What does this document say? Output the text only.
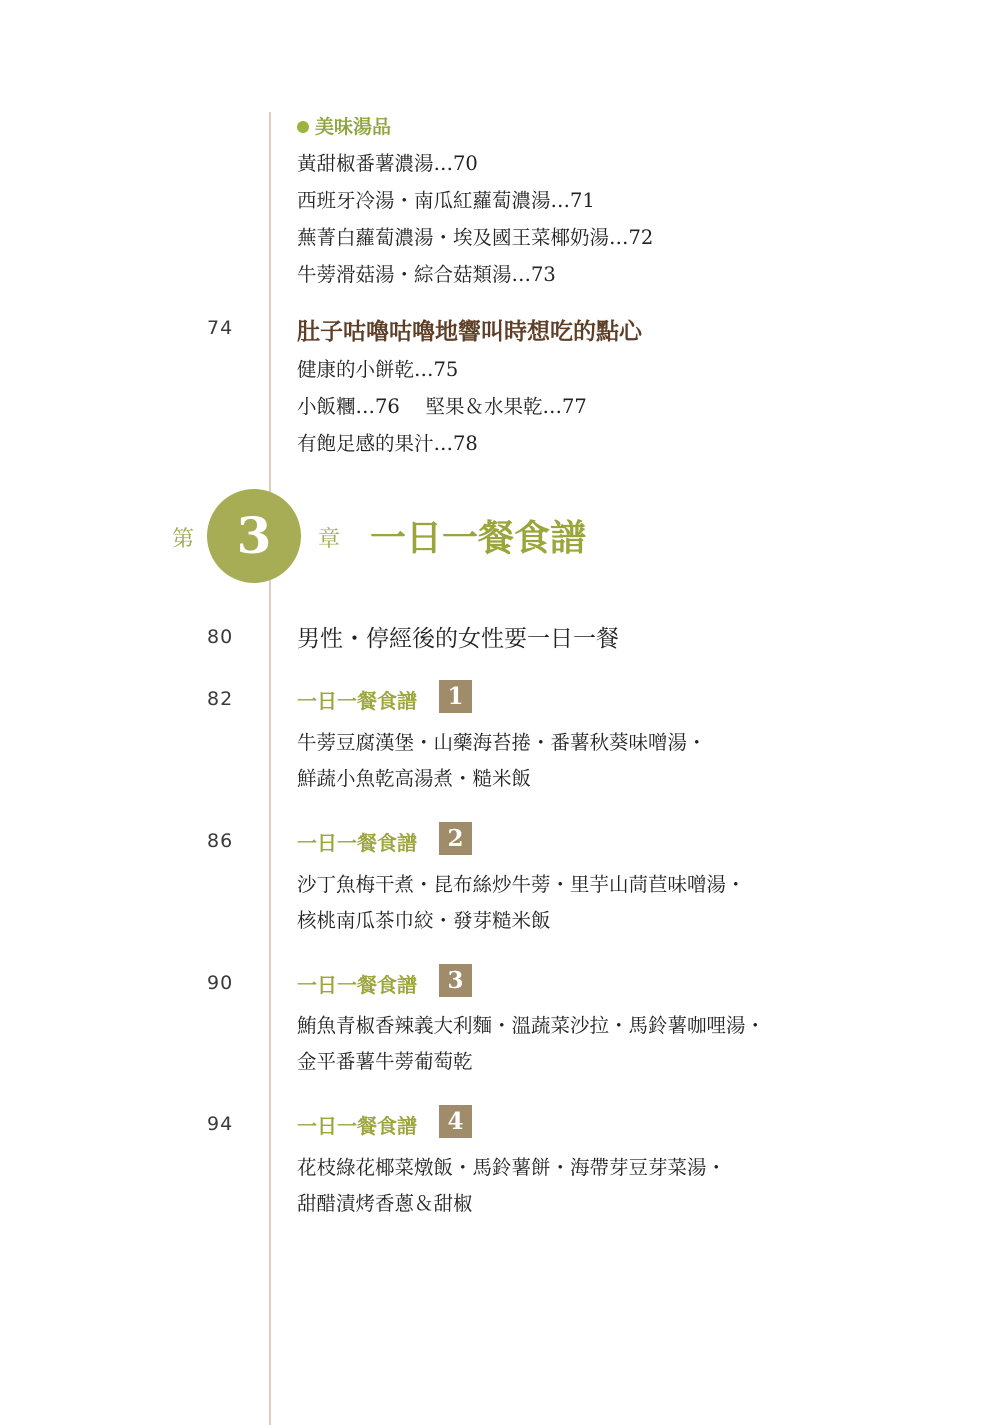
美味湯品
黃甜椒番薯濃湯…70
西班牙冷湯・南瓜紅蘿蔔濃湯…71
蕪菁白蘿蔔濃湯・埃及國王菜椰奶湯…72
牛蒡滑菇湯・綜合菇類湯…73
74	肚子咕嚕咕嚕地響叫時想吃的點心
健康的小餅乾…75
小飯糰…76　 堅果＆水果乾…77
有飽足感的果汁…78
第 3	章 一日一餐食譜
80	男性・停經後的女性要一日一餐
82	一日一餐食譜	1
牛蒡豆腐漢堡・山藥海苔捲・番薯秋葵味噌湯・
鮮蔬小魚乾高湯煮・糙米飯
86	一日一餐食譜	2
沙丁魚梅干煮・昆布絲炒牛蒡・里芋山茼苣味噌湯・
核桃南瓜茶巾絞・發芽糙米飯
90	一日一餐食譜	3
鮪魚青椒香辣義大利麵・溫蔬菜沙拉・馬鈴薯咖哩湯・
金平番薯牛蒡葡萄乾
94	一日一餐食譜	4
花枝綠花椰菜燉飯・馬鈴薯餅・海帶芽豆芽菜湯・
甜醋漬烤香蔥＆甜椒
